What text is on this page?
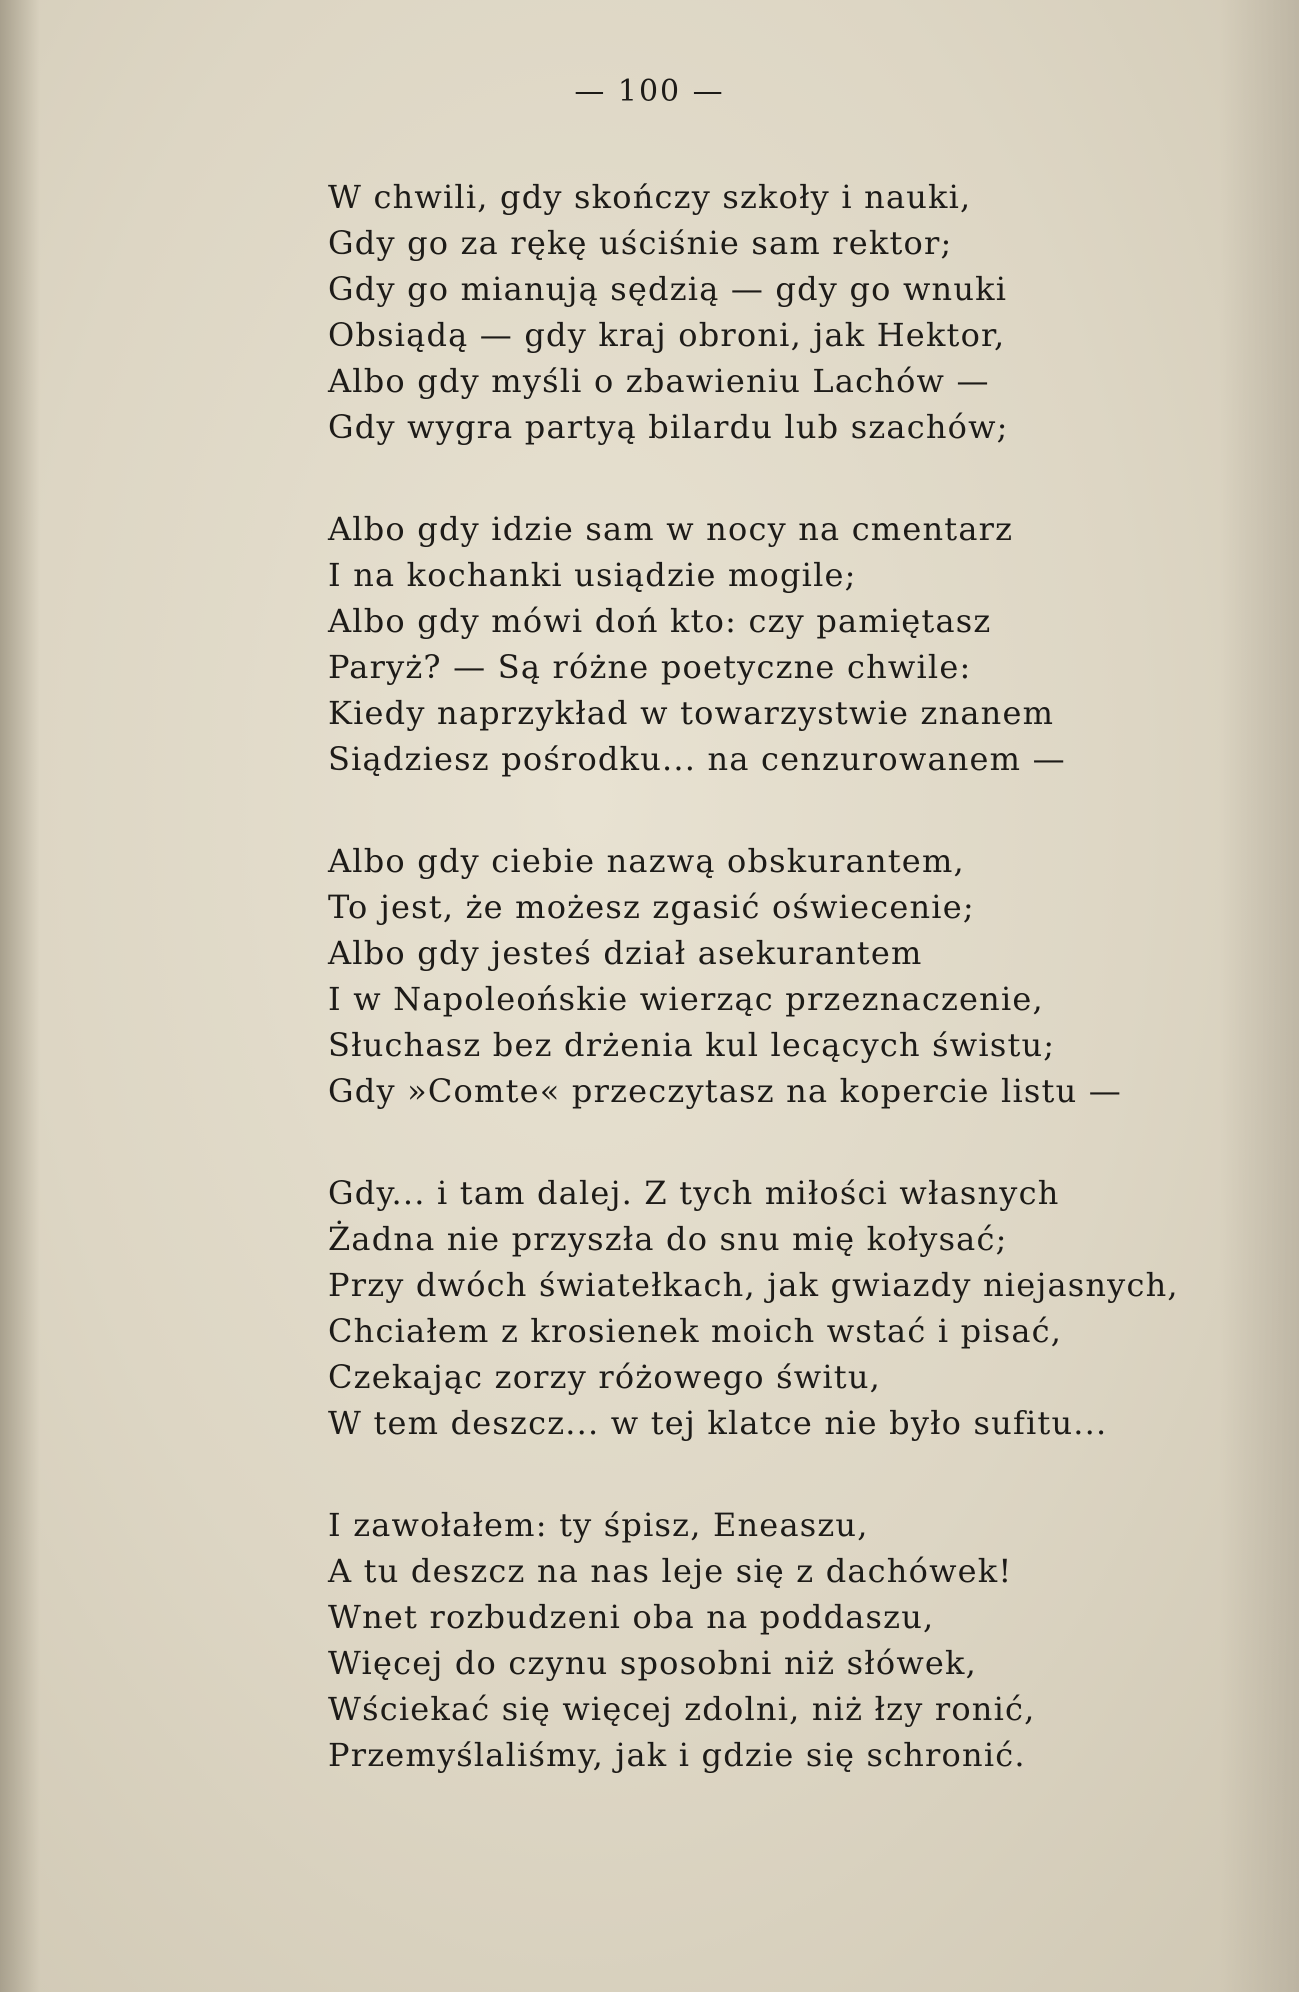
— 100 —
W chwili, gdy skończy szkoły i nauki,
Gdy go za rękę uściśnie sam rektor;
Gdy go mianują sędzią — gdy go wnuki
Obsiądą — gdy kraj obroni, jak Hektor,
Albo gdy myśli o zbawieniu Lachów —
Gdy wygra partyą bilardu lub szachów;
Albo gdy idzie sam w nocy na cmentarz
I na kochanki usiądzie mogile;
Albo gdy mówi doń kto: czy pamiętasz
Paryż? — Są różne poetyczne chwile:
Kiedy naprzykład w towarzystwie znanem
Siądziesz pośrodku... na cenzurowanem —
Albo gdy ciebie nazwą obskurantem,
To jest, że możesz zgasić oświecenie;
Albo gdy jesteś dział asekurantem
I w Napoleońskie wierząc przeznaczenie,
Słuchasz bez drżenia kul lecących świstu;
Gdy »Comte« przeczytasz na kopercie listu —
Gdy... i tam dalej. Z tych miłości własnych
Żadna nie przyszła do snu mię kołysać;
Przy dwóch światełkach, jak gwiazdy niejasnych,
Chciałem z krosienek moich wstać i pisać,
Czekając zorzy różowego świtu,
W tem deszcz... w tej klatce nie było sufitu...
I zawołałem: ty śpisz, Eneaszu,
A tu deszcz na nas leje się z dachówek!
Wnet rozbudzeni oba na poddaszu,
Więcej do czynu sposobni niż słówek,
Wściekać się więcej zdolni, niż łzy ronić,
Przemyślaliśmy, jak i gdzie się schronić.
